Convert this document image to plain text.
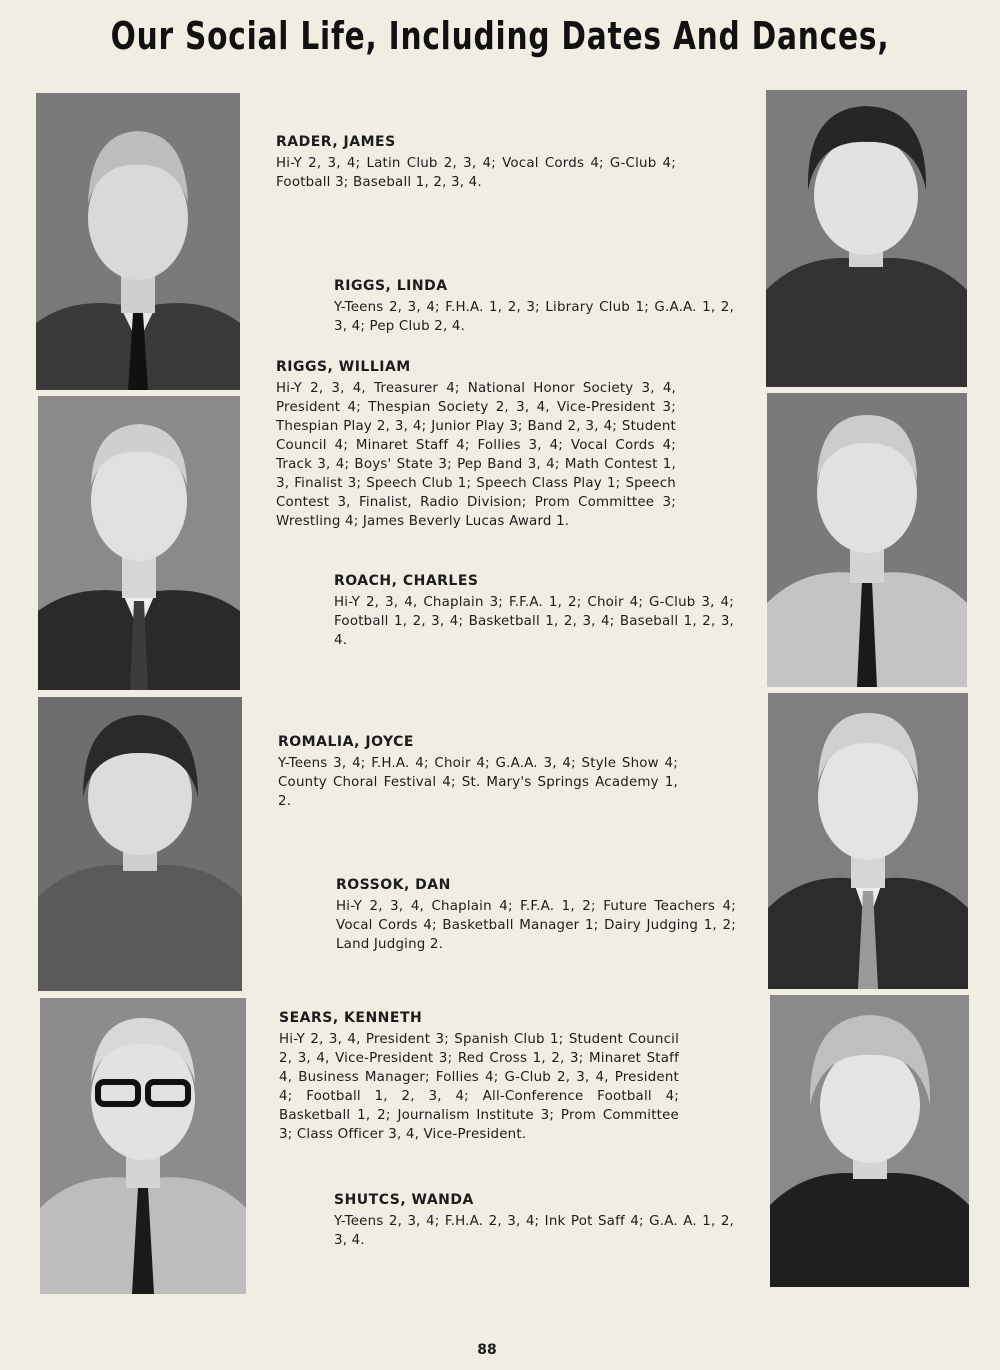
Our Social Life, Including Dates And Dances,
RADER, JAMES

Hi-Y 2, 3, 4; Latin Club 2, 3, 4; Vocal Cords 4; G-Club 4; Football 3; Baseball 1, 2, 3, 4.

RIGGS, LINDA

Y-Teens 2, 3, 4; F.H.A. 1, 2, 3; Library Club 1; G.A.A. 1, 2, 3, 4; Pep Club 2, 4.

RIGGS, WILLIAM

Hi-Y 2, 3, 4, Treasurer 4; National Honor Society 3, 4, President 4; Thespian Society 2, 3, 4, Vice-President 3; Thespian Play 2, 3, 4; Junior Play 3; Band 2, 3, 4; Student Council 4; Minaret Staff 4; Follies 3, 4; Vocal Cords 4; Track 3, 4; Boys' State 3; Pep Band 3, 4; Math Contest 1, 3, Finalist 3; Speech Club 1; Speech Class Play 1; Speech Contest 3, Finalist, Radio Division; Prom Committee 3; Wrestling 4; James Beverly Lucas Award 1.

ROACH, CHARLES

Hi-Y 2, 3, 4, Chaplain 3; F.F.A. 1, 2; Choir 4; G-Club 3, 4; Football 1, 2, 3, 4; Basketball 1, 2, 3, 4; Baseball 1, 2, 3, 4.

ROMALIA, JOYCE

Y-Teens 3, 4; F.H.A. 4; Choir 4; G.A.A. 3, 4; Style Show 4; County Choral Festival 4; St. Mary's Springs Academy 1, 2.

ROSSOK, DAN

Hi-Y 2, 3, 4, Chaplain 4; F.F.A. 1, 2; Future Teachers 4; Vocal Cords 4; Basketball Manager 1; Dairy Judging 1, 2; Land Judging 2.

SEARS, KENNETH

Hi-Y 2, 3, 4, President 3; Spanish Club 1; Student Council 2, 3, 4, Vice-President 3; Red Cross 1, 2, 3; Minaret Staff 4, Business Manager; Follies 4; G-Club 2, 3, 4, President 4; Football 1, 2, 3, 4; All-Conference Football 4; Basketball 1, 2; Journalism Institute 3; Prom Committee 3; Class Officer 3, 4, Vice-President.

SHUTCS, WANDA

Y-Teens 2, 3, 4; F.H.A. 2, 3, 4; Ink Pot Saff 4; G.A. A. 1, 2, 3, 4.

88
